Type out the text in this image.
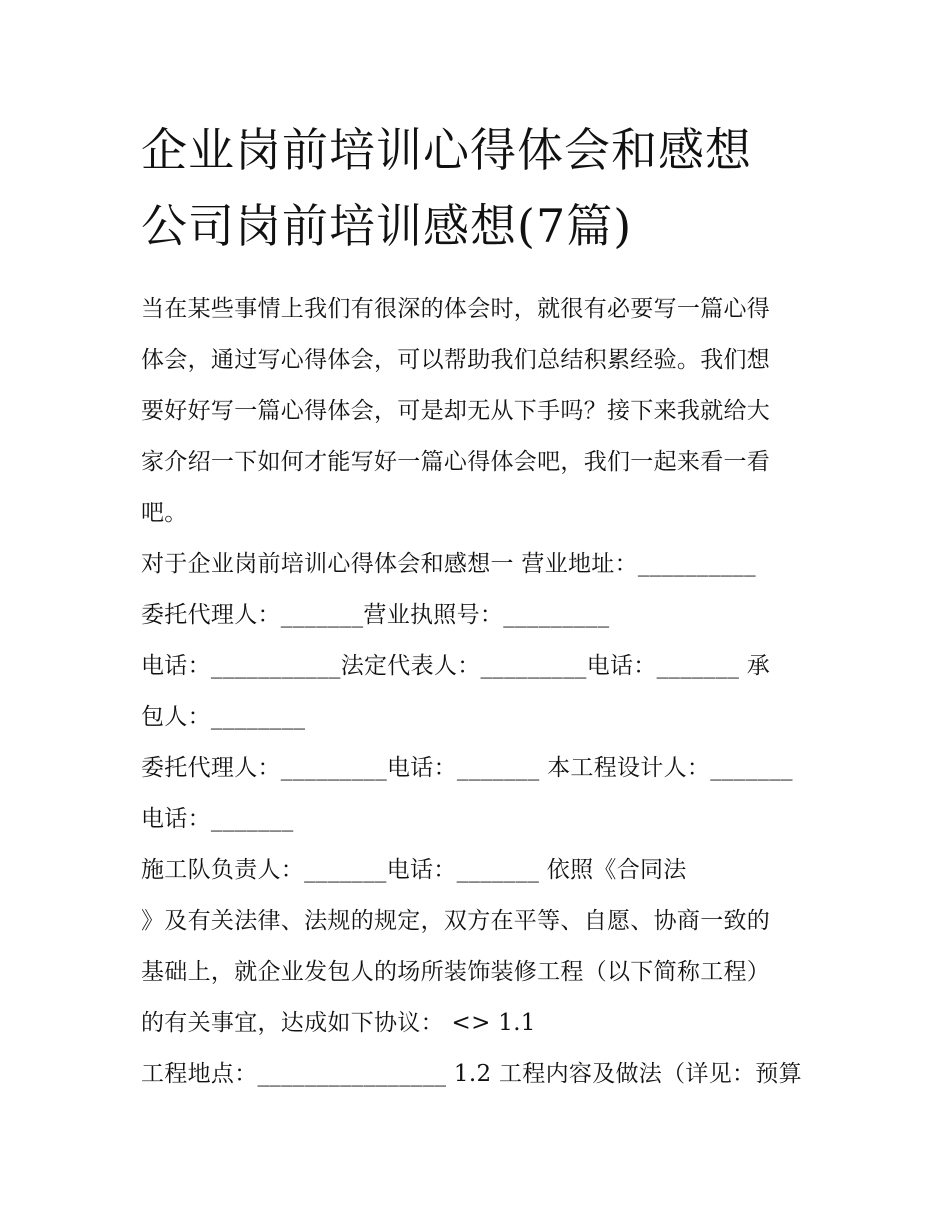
企业岗前培训心得体会和感想
公司岗前培训感想(7篇)

当在某些事情上我们有很深的体会时，就很有必要写一篇心得

体会，通过写心得体会，可以帮助我们总结积累经验。我们想

要好好写一篇心得体会，可是却无从下手吗？接下来我就给大

家介绍一下如何才能写好一篇心得体会吧，我们一起来看一看

吧。

对于企业岗前培训心得体会和感想一 营业地址：__________

委托代理人：_______营业执照号：_________

电话：___________法定代表人：_________电话：_______ 承

包人：________

委托代理人：_________电话：_______ 本工程设计人：_______

电话：_______

施工队负责人：_______电话：_______ 依照《合同法

》及有关法律、法规的规定，双方在平等、自愿、协商一致的

基础上，就企业发包人的场所装饰装修工程（以下简称工程）

的有关事宜，达成如下协议： <> 1.1

工程地点：________________ 1.2 工程内容及做法（详见：预算
